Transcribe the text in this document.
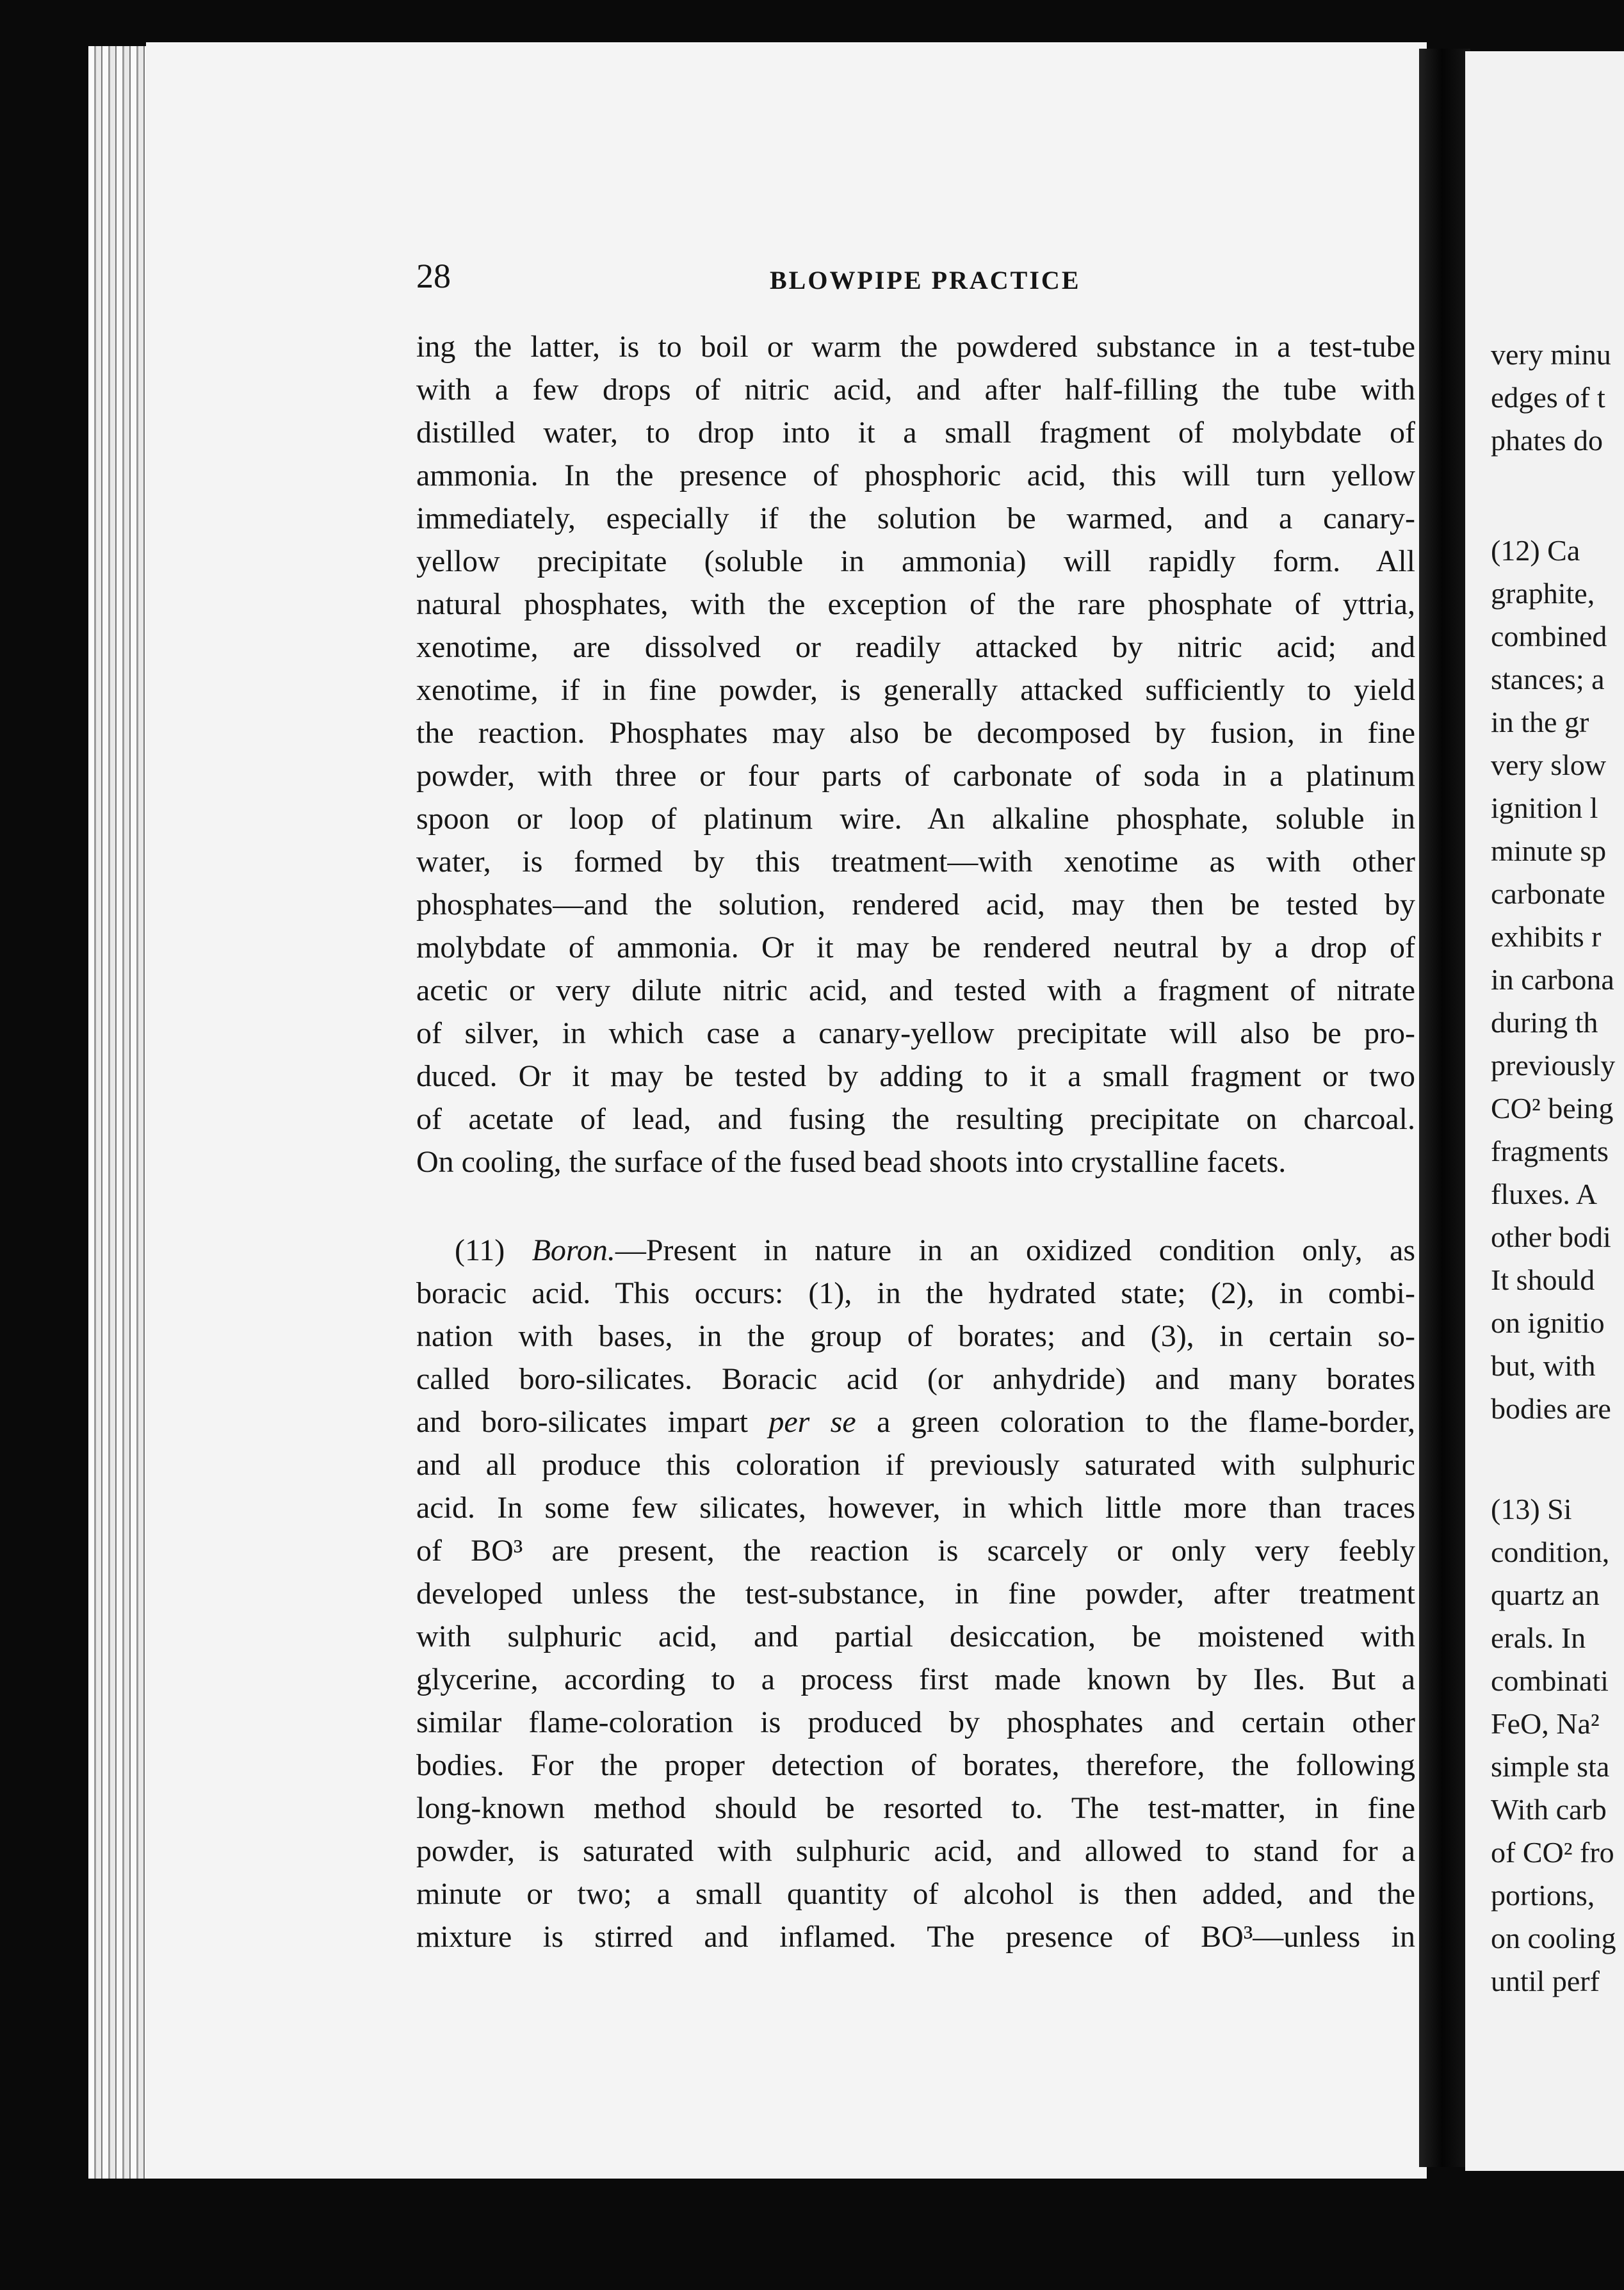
very minu
edges of t
phates do
(12) Ca
graphite,
combined
stances; a
in the gr
very slow
ignition l
minute sp
carbonate
exhibits r
in carbona
during th
previously
CO² being
fragments
fluxes. A
other bodi
It should
on ignitio
but, with
bodies are
(13) Si
condition,
quartz an
erals. In
combinati
FeO, Na²
simple sta
With carb
of CO² fro
portions,
on cooling
until perf
28	BLOWPIPE PRACTICE
ing the latter, is to boil or warm the powdered substance in a test-tube
with a few drops of nitric acid, and after half-filling the tube with
distilled water, to drop into it a small fragment of molybdate of
ammonia. In the presence of phosphoric acid, this will turn yellow
immediately, especially if the solution be warmed, and a canary-
yellow precipitate (soluble in ammonia) will rapidly form. All
natural phosphates, with the exception of the rare phosphate of yttria,
xenotime, are dissolved or readily attacked by nitric acid; and
xenotime, if in fine powder, is generally attacked sufficiently to yield
the reaction. Phosphates may also be decomposed by fusion, in fine
powder, with three or four parts of carbonate of soda in a platinum
spoon or loop of platinum wire. An alkaline phosphate, soluble in
water, is formed by this treatment—with xenotime as with other
phosphates—and the solution, rendered acid, may then be tested by
molybdate of ammonia. Or it may be rendered neutral by a drop of
acetic or very dilute nitric acid, and tested with a fragment of nitrate
of silver, in which case a canary-yellow precipitate will also be pro-
duced. Or it may be tested by adding to it a small fragment or two
of acetate of lead, and fusing the resulting precipitate on charcoal.
On cooling, the surface of the fused bead shoots into crystalline facets.
(11) Boron.—Present in nature in an oxidized condition only, as
boracic acid. This occurs: (1), in the hydrated state; (2), in combi-
nation with bases, in the group of borates; and (3), in certain so-
called boro-silicates. Boracic acid (or anhydride) and many borates
and boro-silicates impart per se a green coloration to the flame-border,
and all produce this coloration if previously saturated with sulphuric
acid. In some few silicates, however, in which little more than traces
of BO³ are present, the reaction is scarcely or only very feebly
developed unless the test-substance, in fine powder, after treatment
with sulphuric acid, and partial desiccation, be moistened with
glycerine, according to a process first made known by Iles. But a
similar flame-coloration is produced by phosphates and certain other
bodies. For the proper detection of borates, therefore, the following
long-known method should be resorted to. The test-matter, in fine
powder, is saturated with sulphuric acid, and allowed to stand for a
minute or two; a small quantity of alcohol is then added, and the
mixture is stirred and inflamed. The presence of BO³—unless in
